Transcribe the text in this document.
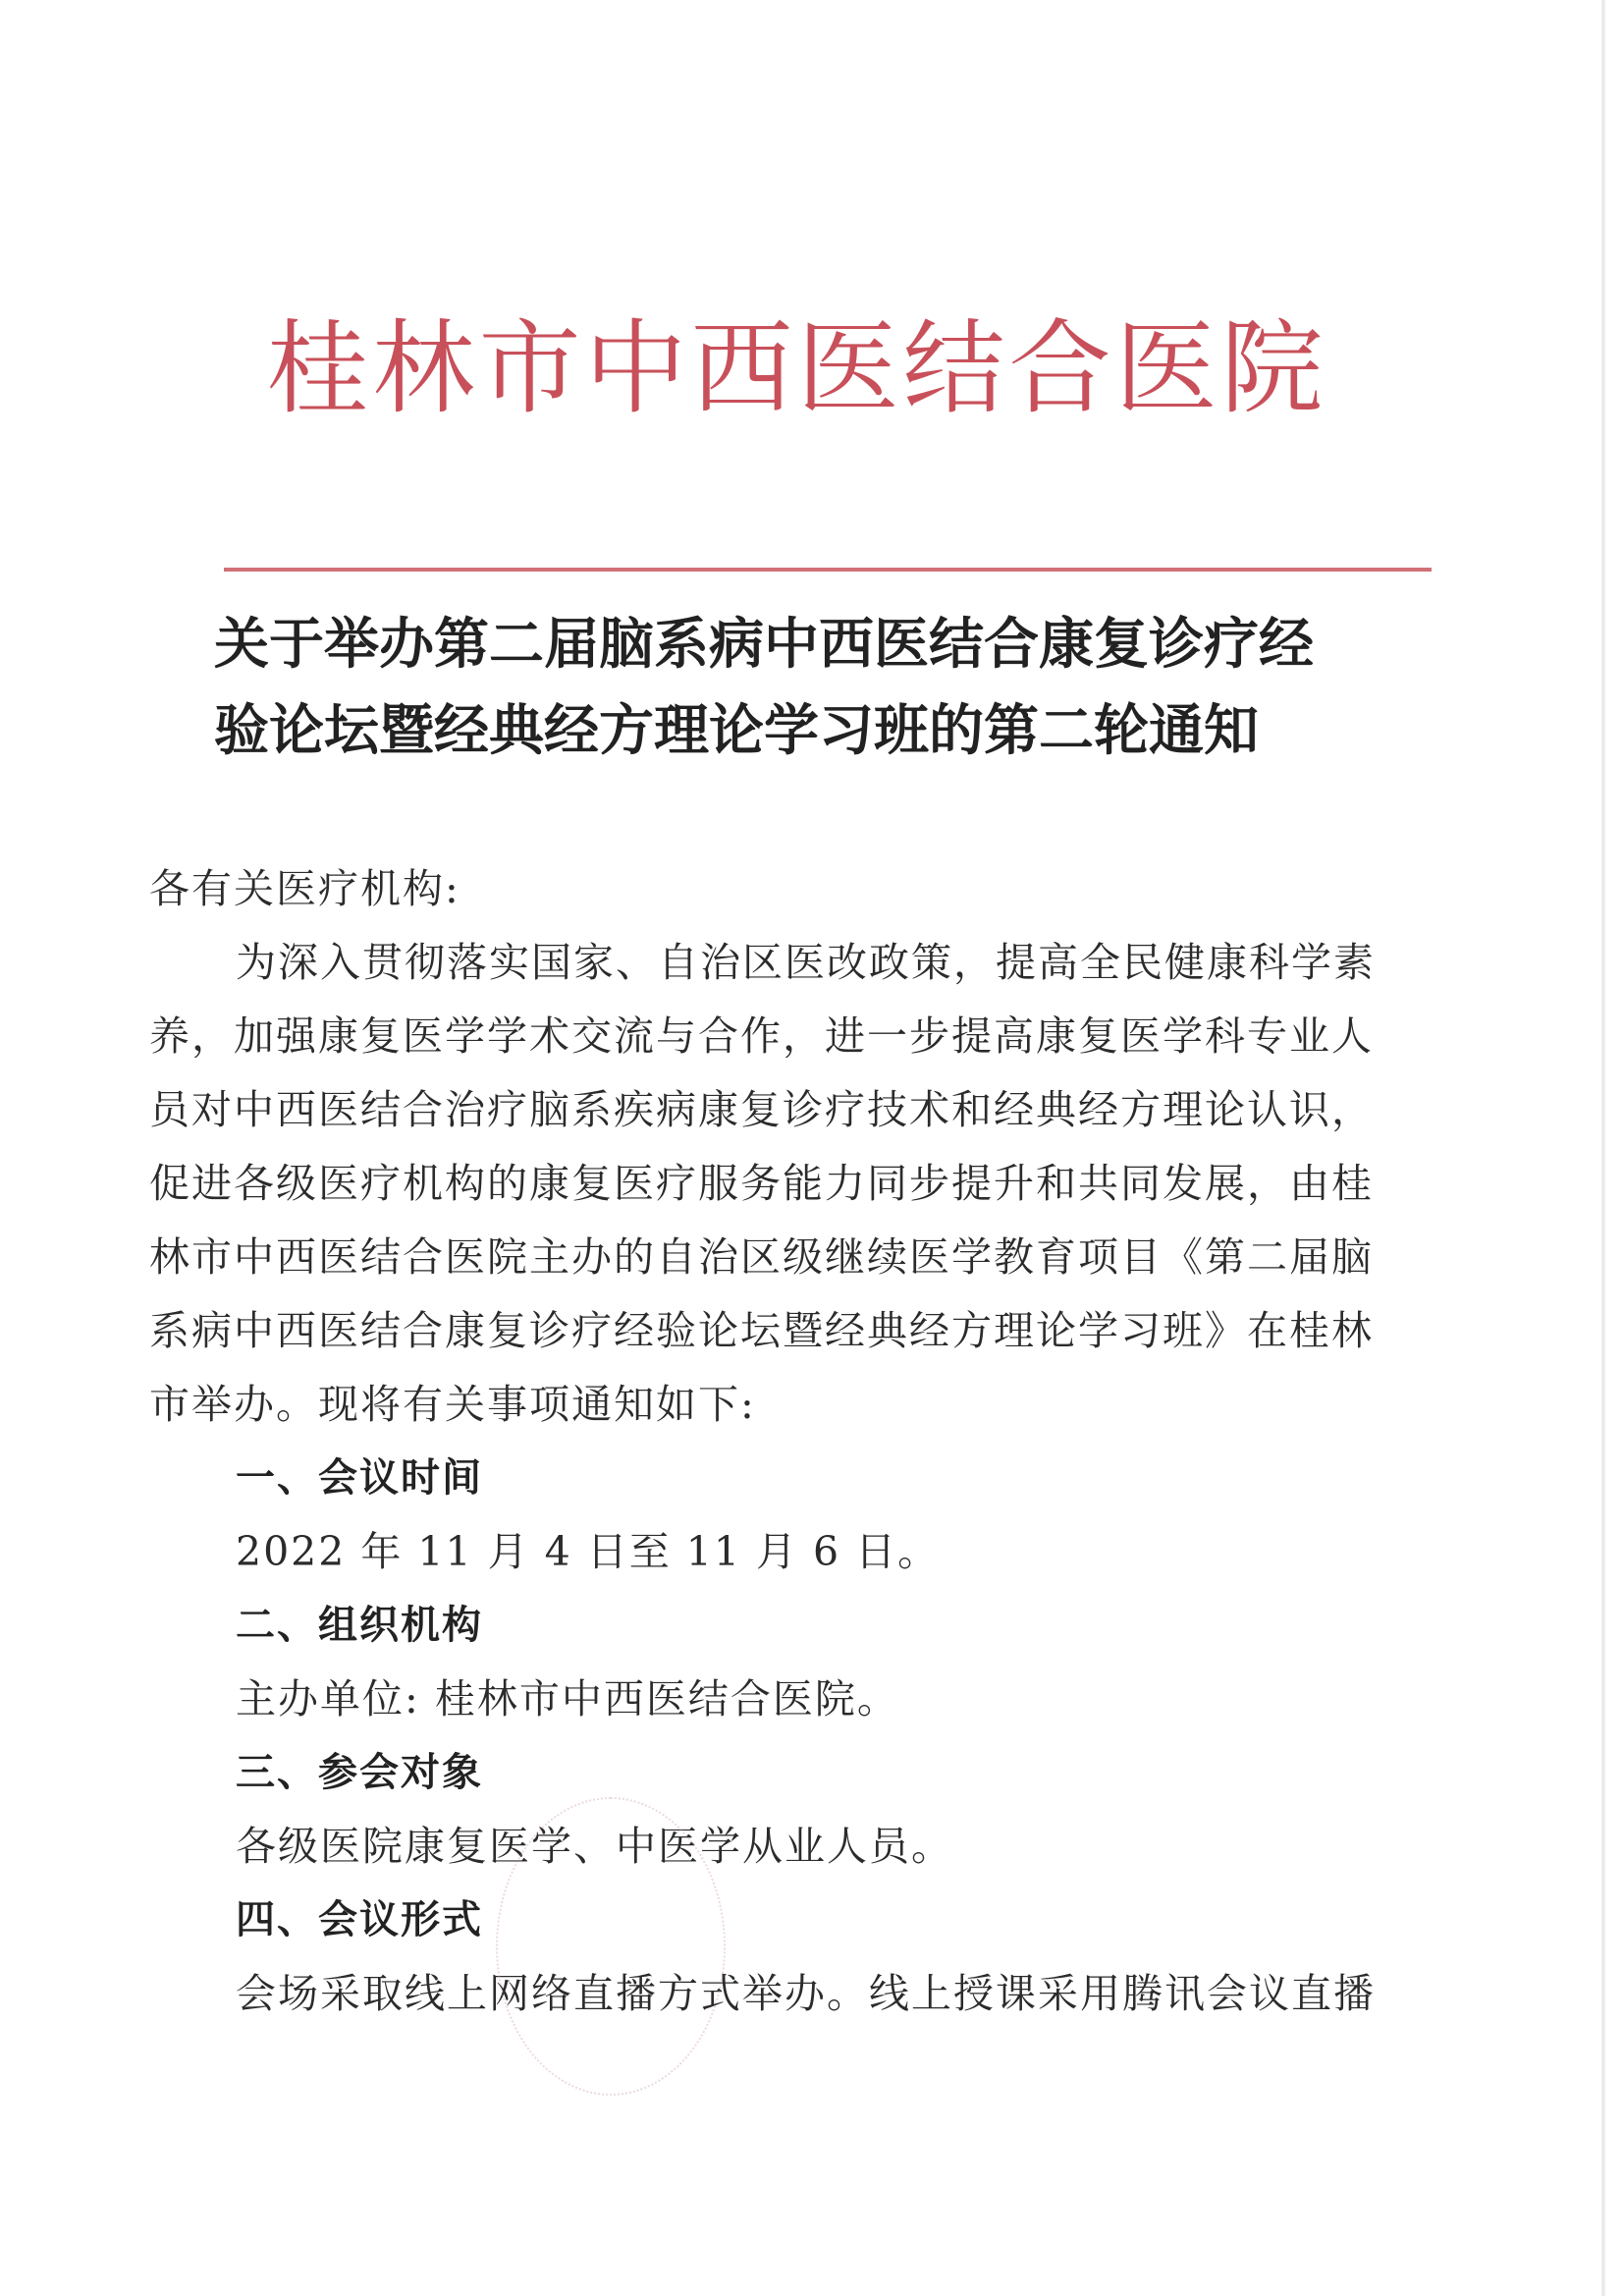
桂林市中西医结合医院
关于举办第二届脑系病中西医结合康复诊疗经
验论坛暨经典经方理论学习班的第二轮通知

各有关医疗机构:

为深入贯彻落实国家、自治区医改政策，提高全民健康科学素
养，加强康复医学学术交流与合作，进一步提高康复医学科专业人
员对中西医结合治疗脑系疾病康复诊疗技术和经典经方理论认识，
促进各级医疗机构的康复医疗服务能力同步提升和共同发展，由桂
林市中西医结合医院主办的自治区级继续医学教育项目《第二届脑
系病中西医结合康复诊疗经验论坛暨经典经方理论学习班》在桂林
市举办。现将有关事项通知如下:

一、会议时间

2022 年 11 月 4 日至 11 月 6 日。

二、组织机构

主办单位: 桂林市中西医结合医院。

三、参会对象

各级医院康复医学、中医学从业人员。

四、会议形式

会场采取线上网络直播方式举办。线上授课采用腾讯会议直播
